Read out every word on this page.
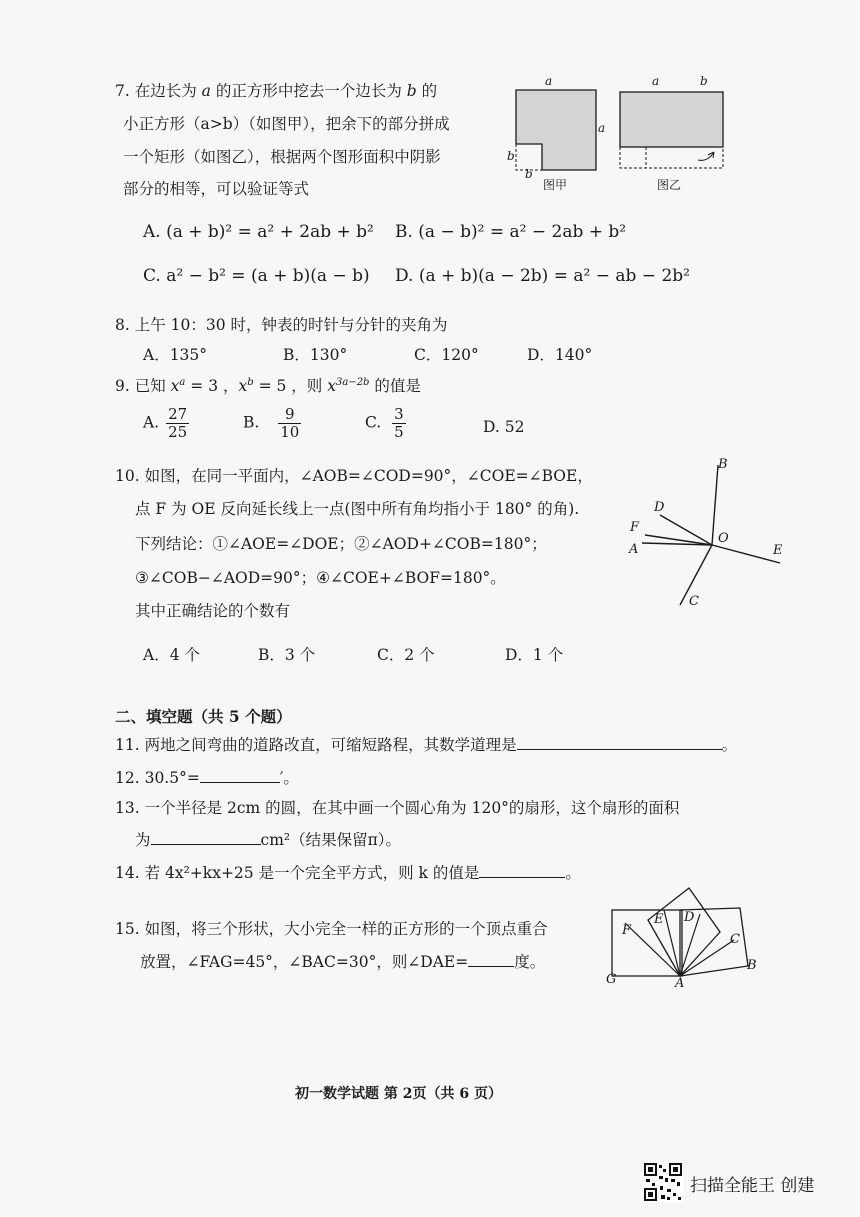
7. 在边长为 a 的正方形中挖去一个边长为 b 的
小正方形（a>b）（如图甲），把余下的部分拼成
一个矩形（如图乙），根据两个图形面积中阴影
部分的相等，可以验证等式
a
a
b
b
图甲
a	b
图乙
A. (a + b)² = a² + 2ab + b² B. (a − b)² = a² − 2ab + b²
C. a² − b² = (a + b)(a − b) D. (a + b)(a − 2b) = a² − ab − 2b²
8. 上午 10：30 时，钟表的时针与分针的夹角为
A．135°	B．130°	C．120°	D．140°
9. 已知 $x^a = 3$ ，$x^b = 5$ ，则 $x^{3a-2b}$ 的值是
A. $\frac{27}{25}$	B. $\frac{9}{10}$	C. $\frac{3}{5}$	D. 52
10. 如图，在同一平面内，∠AOB=∠COD=90°，∠COE=∠BOE，
点 F 为 OE 反向延长线上一点(图中所有角均指小于 180° 的角).
下列结论：①∠AOE=∠DOE；②∠AOD+∠COB=180°；
③∠COB−∠AOD=90°；④∠COE+∠BOF=180°。
其中正确结论的个数有
B
D
F
A
O
E
C
A．4 个	B．3 个	C．2 个	D．1 个
二、填空题（共 5 个题）
11. 两地之间弯曲的道路改直，可缩短路程，其数学道理是	。
12. 30.5°=	′。
13. 一个半径是 2cm 的圆，在其中画一个圆心角为 120°的扇形，这个扇形的面积
为	cm²（结果保留π）。
14. 若 4x²+kx+25 是一个完全平方式，则 k 的值是	。
15. 如图，将三个形状，大小完全一样的正方形的一个顶点重合
放置，∠FAG=45°，∠BAC=30°，则∠DAE=	度。
F
E D
C
B
G	A
初一数学试题 第 2页（共 6 页）
扫描全能王 创建
